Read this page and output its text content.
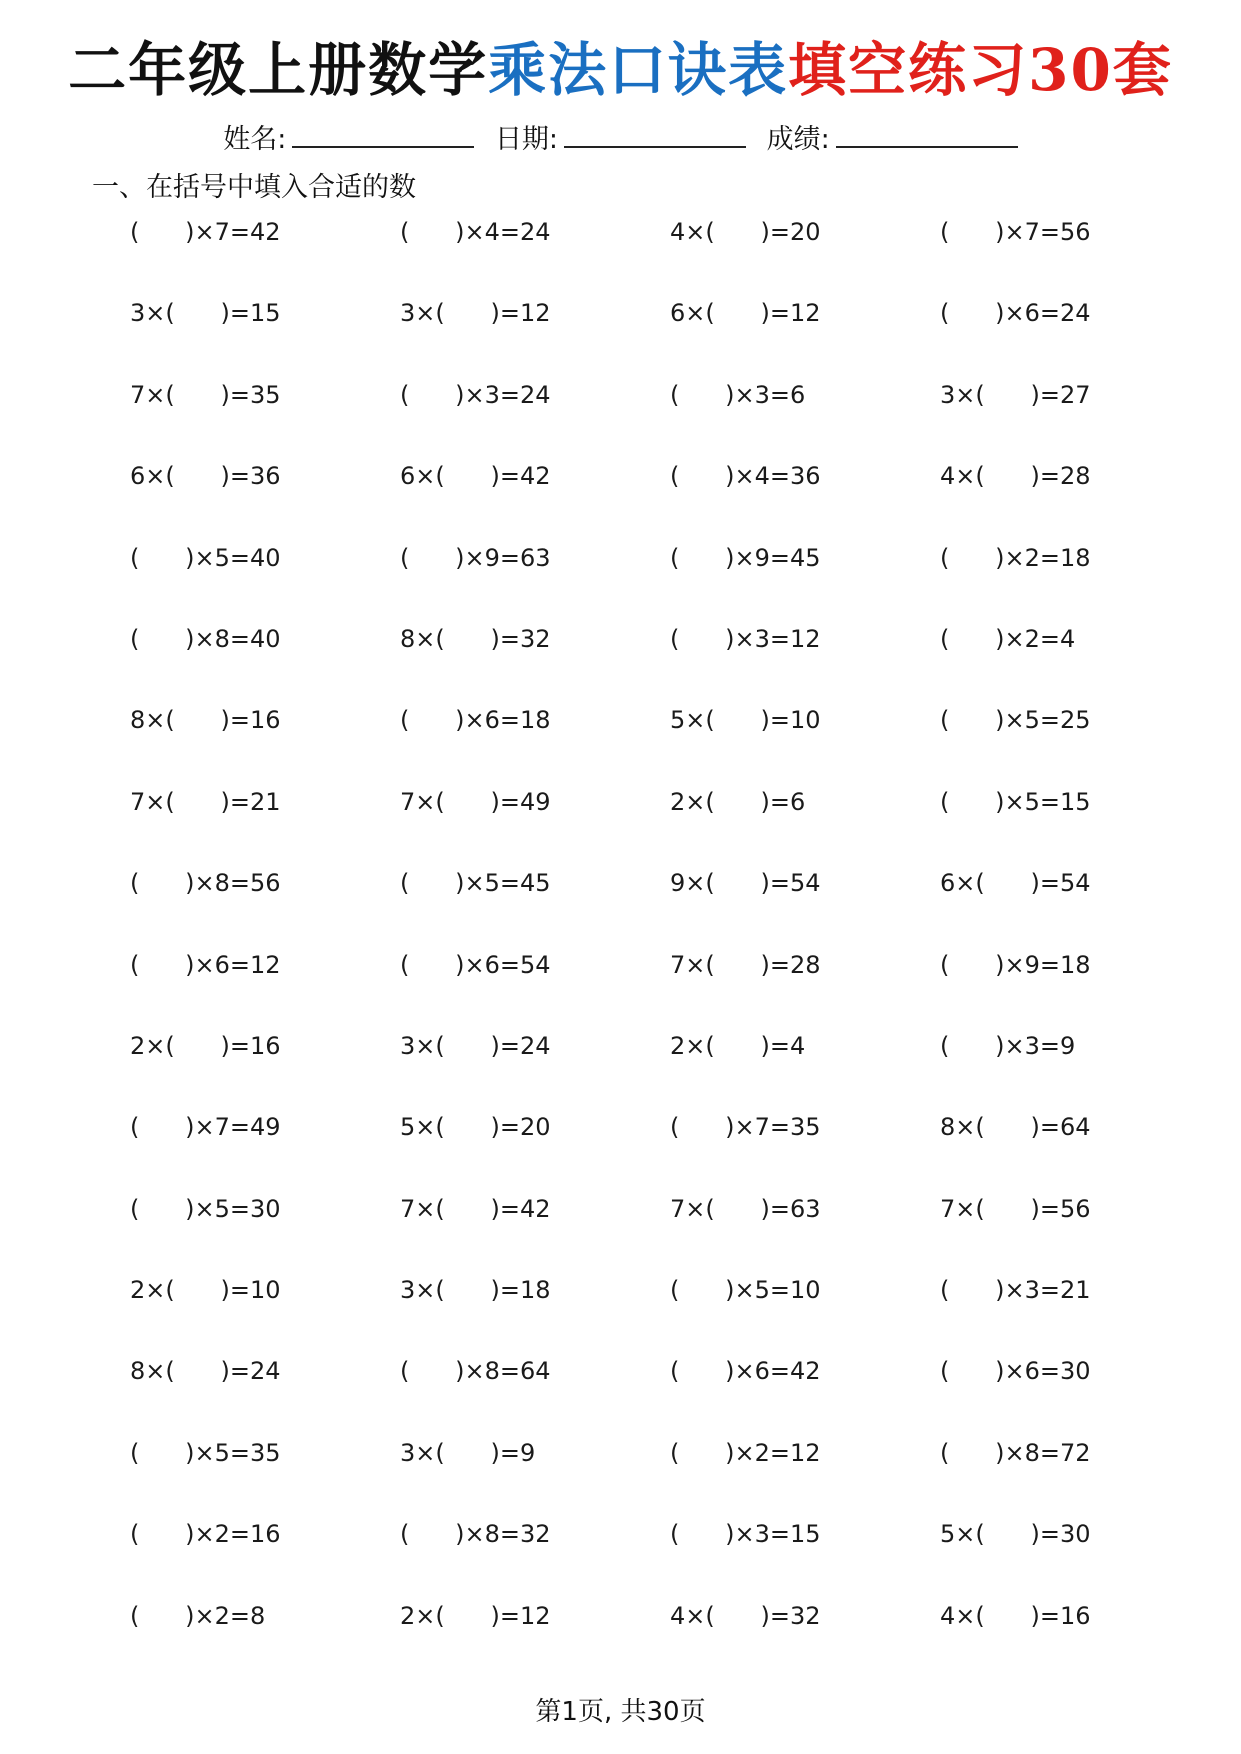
二年级上册数学乘法口诀表填空练习30套
姓名:	日期:	成绩:
一、在括号中填入合适的数
(      )×7=42	(      )×4=24	4×(      )=20	(      )×7=56
3×(      )=15	3×(      )=12	6×(      )=12	(      )×6=24
7×(      )=35	(      )×3=24	(      )×3=6	3×(      )=27
6×(      )=36	6×(      )=42	(      )×4=36	4×(      )=28
(      )×5=40	(      )×9=63	(      )×9=45	(      )×2=18
(      )×8=40	8×(      )=32	(      )×3=12	(      )×2=4
8×(      )=16	(      )×6=18	5×(      )=10	(      )×5=25
7×(      )=21	7×(      )=49	2×(      )=6	(      )×5=15
(      )×8=56	(      )×5=45	9×(      )=54	6×(      )=54
(      )×6=12	(      )×6=54	7×(      )=28	(      )×9=18
2×(      )=16	3×(      )=24	2×(      )=4	(      )×3=9
(      )×7=49	5×(      )=20	(      )×7=35	8×(      )=64
(      )×5=30	7×(      )=42	7×(      )=63	7×(      )=56
2×(      )=10	3×(      )=18	(      )×5=10	(      )×3=21
8×(      )=24	(      )×8=64	(      )×6=42	(      )×6=30
(      )×5=35	3×(      )=9	(      )×2=12	(      )×8=72
(      )×2=16	(      )×8=32	(      )×3=15	5×(      )=30
(      )×2=8	2×(      )=12	4×(      )=32	4×(      )=16
第1页, 共30页
